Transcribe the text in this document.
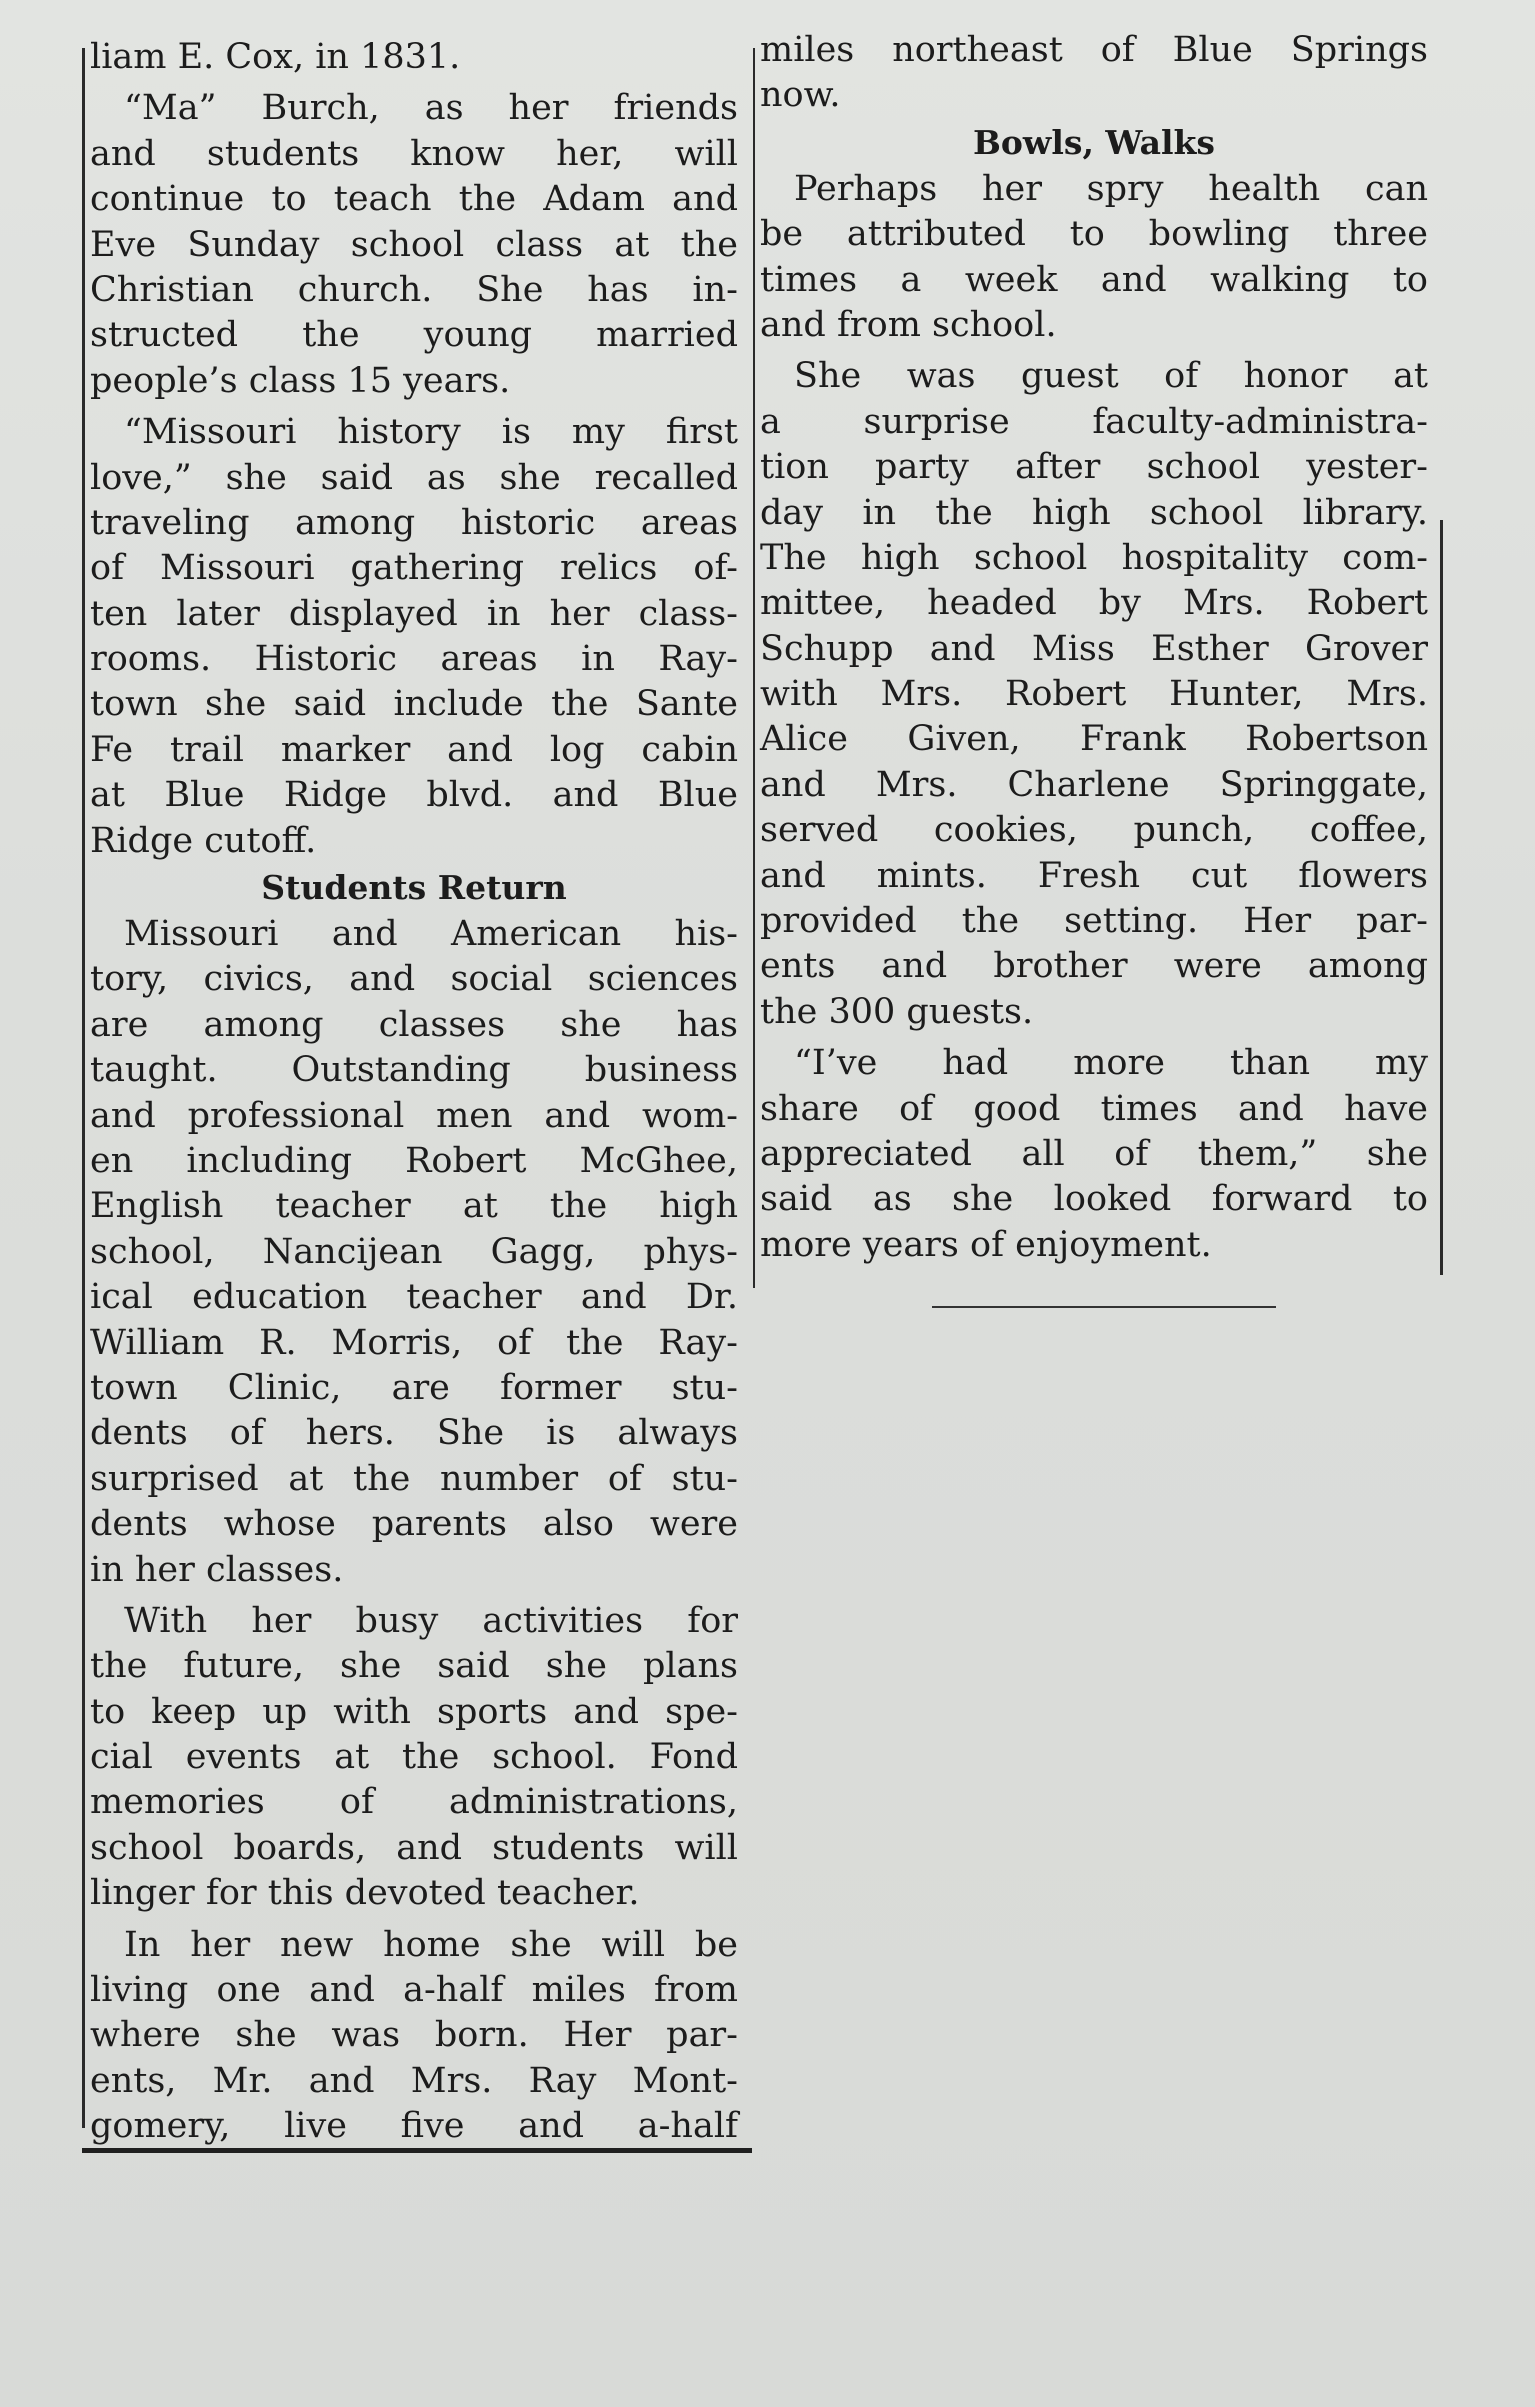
liam E. Cox, in 1831.
“Ma” Burch, as her friends
and students know her, will
continue to teach the Adam and
Eve Sunday school class at the
Christian church. She has in-
structed the young married
people’s class 15 years.
“Missouri history is my first
love,” she said as she recalled
traveling among historic areas
of Missouri gathering relics of-
ten later displayed in her class-
rooms. Historic areas in Ray-
town she said include the Sante
Fe trail marker and log cabin
at Blue Ridge blvd. and Blue
Ridge cutoff.
Students Return
Missouri and American his-
tory, civics, and social sciences
are among classes she has
taught. Outstanding business
and professional men and wom-
en including Robert McGhee,
English teacher at the high
school, Nancijean Gagg, phys-
ical education teacher and Dr.
William R. Morris, of the Ray-
town Clinic, are former stu-
dents of hers. She is always
surprised at the number of stu-
dents whose parents also were
in her classes.
With her busy activities for
the future, she said she plans
to keep up with sports and spe-
cial events at the school. Fond
memories of administrations,
school boards, and students will
linger for this devoted teacher.
In her new home she will be
living one and a-half miles from
where she was born. Her par-
ents, Mr. and Mrs. Ray Mont-
gomery, live five and a-half
miles northeast of Blue Springs
now.
Bowls, Walks
Perhaps her spry health can
be attributed to bowling three
times a week and walking to
and from school.
She was guest of honor at
a surprise faculty-administra-
tion party after school yester-
day in the high school library.
The high school hospitality com-
mittee, headed by Mrs. Robert
Schupp and Miss Esther Grover
with Mrs. Robert Hunter, Mrs.
Alice Given, Frank Robertson
and Mrs. Charlene Springgate,
served cookies, punch, coffee,
and mints. Fresh cut flowers
provided the setting. Her par-
ents and brother were among
the 300 guests.
“I’ve had more than my
share of good times and have
appreciated all of them,” she
said as she looked forward to
more years of enjoyment.
